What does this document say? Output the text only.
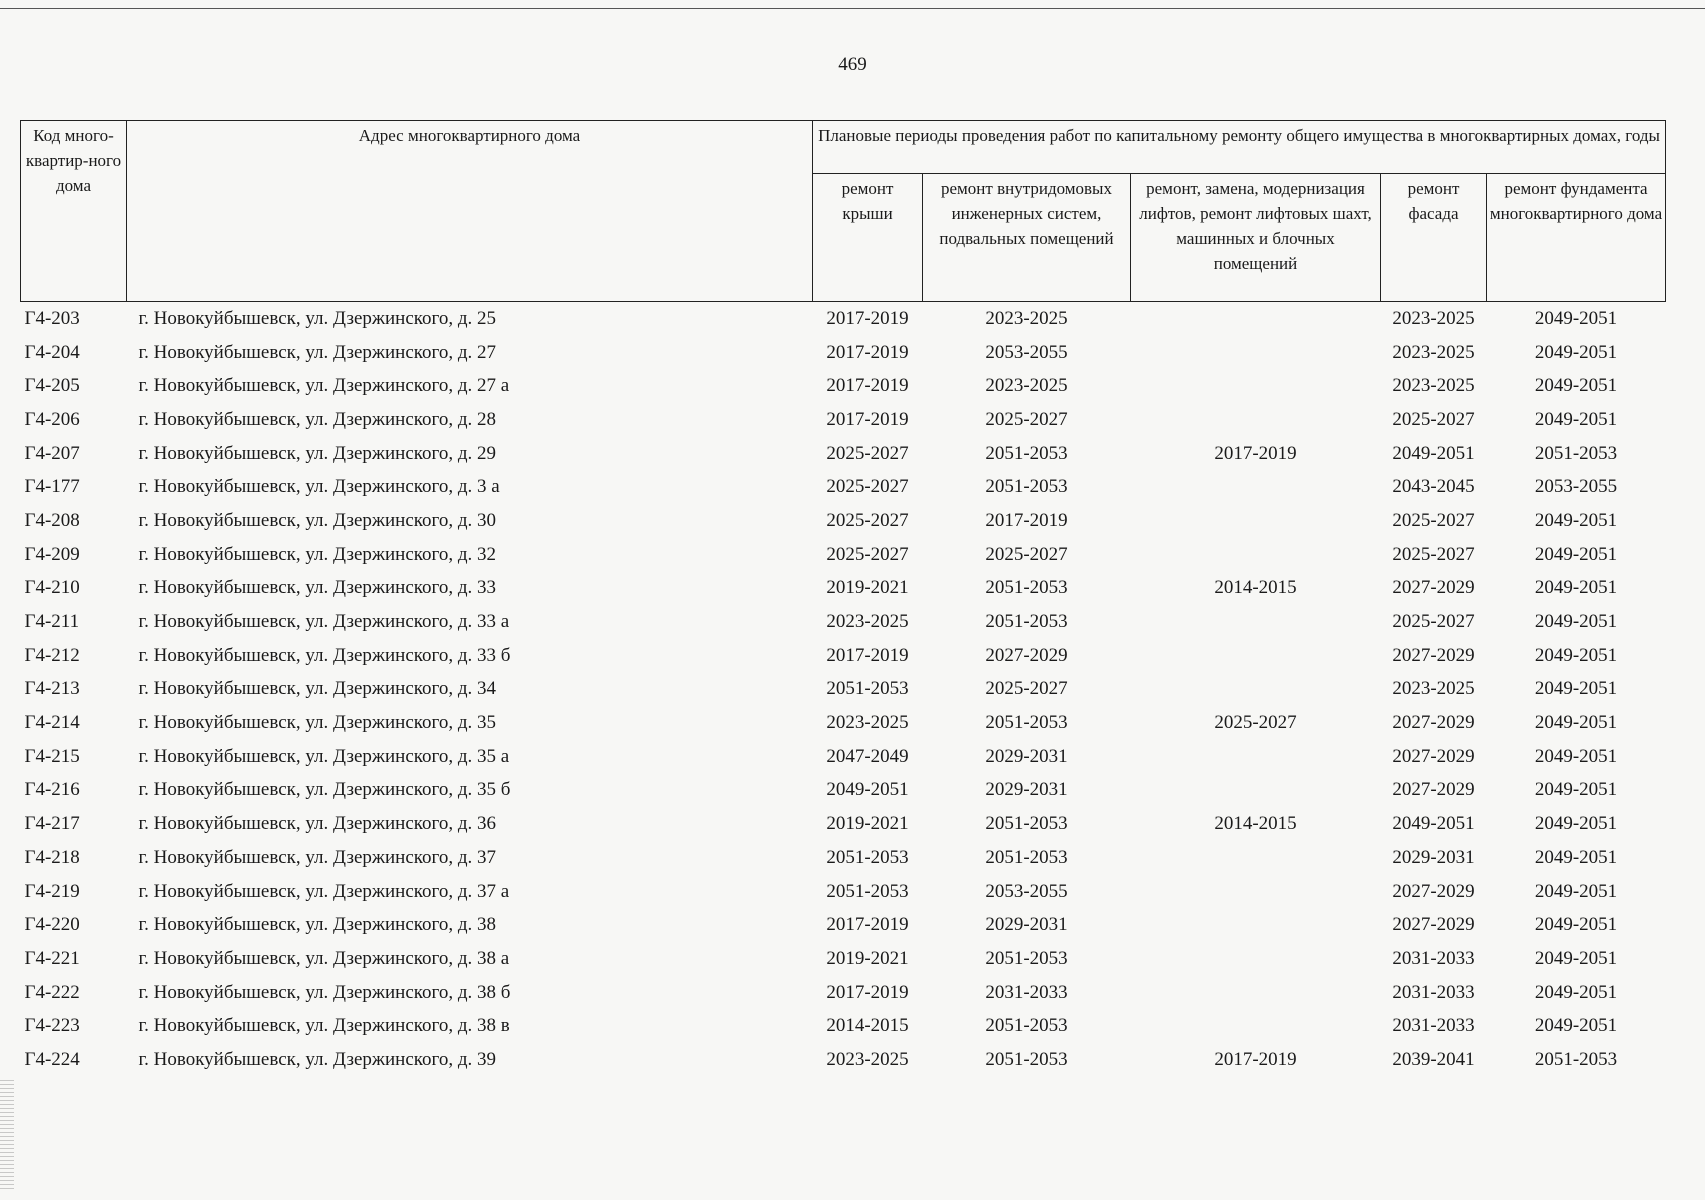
469
Код много-квартир-ного дома	Адрес многоквартирного дома	Плановые периоды проведения работ по капитальному ремонту общего имущества в многоквартирных домах, годы				
		ремонт крыши	ремонт внутридомовых инженерных систем, подвальных помещений	ремонт, замена, модернизация лифтов, ремонт лифтовых шахт, машинных и блочных помещений	ремонт фасада	ремонт фундамента многоквартирного дома
Г4-203	г. Новокуйбышевск, ул. Дзержинского, д. 25	2017-2019	2023-2025		2023-2025	2049-2051
Г4-204	г. Новокуйбышевск, ул. Дзержинского, д. 27	2017-2019	2053-2055		2023-2025	2049-2051
Г4-205	г. Новокуйбышевск, ул. Дзержинского, д. 27 а	2017-2019	2023-2025		2023-2025	2049-2051
Г4-206	г. Новокуйбышевск, ул. Дзержинского, д. 28	2017-2019	2025-2027		2025-2027	2049-2051
Г4-207	г. Новокуйбышевск, ул. Дзержинского, д. 29	2025-2027	2051-2053	2017-2019	2049-2051	2051-2053
Г4-177	г. Новокуйбышевск, ул. Дзержинского, д. 3 а	2025-2027	2051-2053		2043-2045	2053-2055
Г4-208	г. Новокуйбышевск, ул. Дзержинского, д. 30	2025-2027	2017-2019		2025-2027	2049-2051
Г4-209	г. Новокуйбышевск, ул. Дзержинского, д. 32	2025-2027	2025-2027		2025-2027	2049-2051
Г4-210	г. Новокуйбышевск, ул. Дзержинского, д. 33	2019-2021	2051-2053	2014-2015	2027-2029	2049-2051
Г4-211	г. Новокуйбышевск, ул. Дзержинского, д. 33 а	2023-2025	2051-2053		2025-2027	2049-2051
Г4-212	г. Новокуйбышевск, ул. Дзержинского, д. 33 б	2017-2019	2027-2029		2027-2029	2049-2051
Г4-213	г. Новокуйбышевск, ул. Дзержинского, д. 34	2051-2053	2025-2027		2023-2025	2049-2051
Г4-214	г. Новокуйбышевск, ул. Дзержинского, д. 35	2023-2025	2051-2053	2025-2027	2027-2029	2049-2051
Г4-215	г. Новокуйбышевск, ул. Дзержинского, д. 35 а	2047-2049	2029-2031		2027-2029	2049-2051
Г4-216	г. Новокуйбышевск, ул. Дзержинского, д. 35 б	2049-2051	2029-2031		2027-2029	2049-2051
Г4-217	г. Новокуйбышевск, ул. Дзержинского, д. 36	2019-2021	2051-2053	2014-2015	2049-2051	2049-2051
Г4-218	г. Новокуйбышевск, ул. Дзержинского, д. 37	2051-2053	2051-2053		2029-2031	2049-2051
Г4-219	г. Новокуйбышевск, ул. Дзержинского, д. 37 а	2051-2053	2053-2055		2027-2029	2049-2051
Г4-220	г. Новокуйбышевск, ул. Дзержинского, д. 38	2017-2019	2029-2031		2027-2029	2049-2051
Г4-221	г. Новокуйбышевск, ул. Дзержинского, д. 38 а	2019-2021	2051-2053		2031-2033	2049-2051
Г4-222	г. Новокуйбышевск, ул. Дзержинского, д. 38 б	2017-2019	2031-2033		2031-2033	2049-2051
Г4-223	г. Новокуйбышевск, ул. Дзержинского, д. 38 в	2014-2015	2051-2053		2031-2033	2049-2051
Г4-224	г. Новокуйбышевск, ул. Дзержинского, д. 39	2023-2025	2051-2053	2017-2019	2039-2041	2051-2053
